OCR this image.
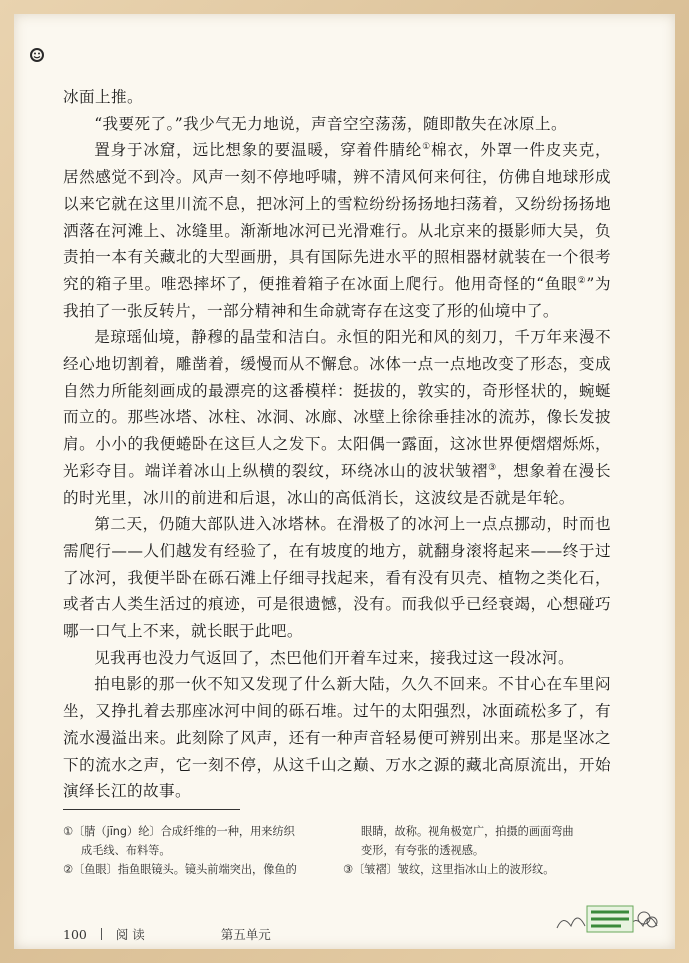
冰面上推。

“我要死了。”我少气无力地说，声音空空荡荡，随即散失在冰原上。

置身于冰窟，远比想象的要温暖，穿着件腈纶①棉衣，外罩一件皮夹克，居然感觉不到冷。风声一刻不停地呼啸，辨不清风何来何往，仿佛自地球形成以来它就在这里川流不息，把冰河上的雪粒纷纷扬扬地扫荡着，又纷纷扬扬地洒落在河滩上、冰缝里。渐渐地冰河已光滑难行。从北京来的摄影师大吴，负责拍一本有关藏北的大型画册，具有国际先进水平的照相器材就装在一个很考究的箱子里。唯恐摔坏了，便推着箱子在冰面上爬行。他用奇怪的“鱼眼②”为我拍了一张反转片，一部分精神和生命就寄存在这变了形的仙境中了。

是琼瑶仙境，静穆的晶莹和洁白。永恒的阳光和风的刻刀，千万年来漫不经心地切割着，雕凿着，缓慢而从不懈怠。冰体一点一点地改变了形态，变成自然力所能刻画成的最漂亮的这番模样：挺拔的，敦实的，奇形怪状的，蜿蜒而立的。那些冰塔、冰柱、冰洞、冰廊、冰壁上徐徐垂挂冰的流苏，像长发披肩。小小的我便蜷卧在这巨人之发下。太阳偶一露面，这冰世界便熠熠烁烁，光彩夺目。端详着冰山上纵横的裂纹，环绕冰山的波状皱褶③，想象着在漫长的时光里，冰川的前进和后退，冰山的高低消长，这波纹是否就是年轮。

第二天，仍随大部队进入冰塔林。在滑极了的冰河上一点点挪动，时而也需爬行——人们越发有经验了，在有坡度的地方，就翻身滚将起来——终于过了冰河，我便半卧在砾石滩上仔细寻找起来，看有没有贝壳、植物之类化石，或者古人类生活过的痕迹，可是很遗憾，没有。而我似乎已经衰竭，心想碰巧哪一口气上不来，就长眠于此吧。

见我再也没力气返回了，杰巴他们开着车过来，接我过这一段冰河。

拍电影的那一伙不知又发现了什么新大陆，久久不回来。不甘心在车里闷坐，又挣扎着去那座冰河中间的砾石堆。过午的太阳强烈，冰面疏松多了，有流水漫溢出来。此刻除了风声，还有一种声音轻易便可辨别出来。那是坚冰之下的流水之声，它一刻不停，从这千山之巅、万水之源的藏北高原流出，开始演绎长江的故事。

①〔腈（jīng）纶〕合成纤维的一种，用来纺织
成毛线、布料等。
②〔鱼眼〕指鱼眼镜头。镜头前端突出，像鱼的
眼睛，故称。视角极宽广，拍摄的画面弯曲
变形，有夸张的透视感。
③〔皱褶〕皱纹，这里指冰山上的波形纹。
100 阅 读	第五单元
